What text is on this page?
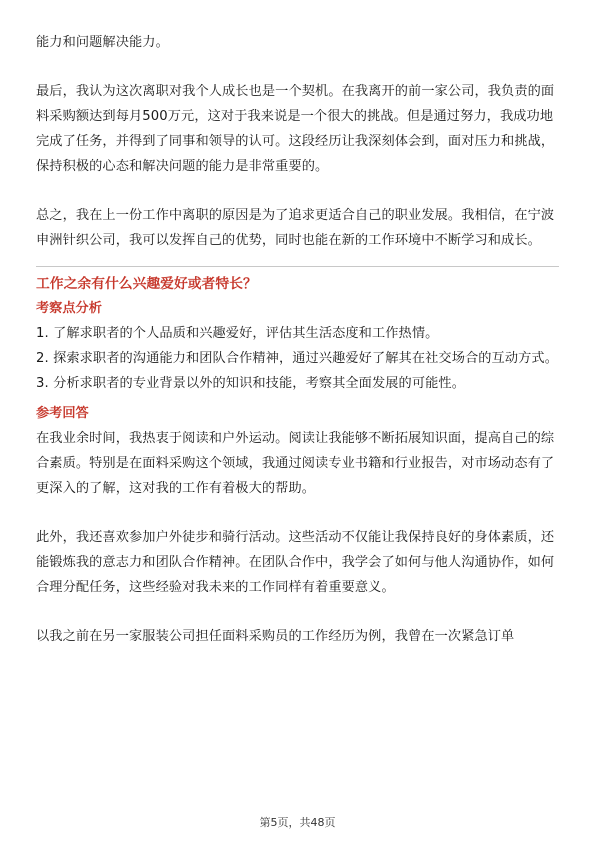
能力和问题解决能力。

最后，我认为这次离职对我个人成长也是一个契机。在我离开的前一家公司，我负责的面料采购额达到每月500万元，这对于我来说是一个很大的挑战。但是通过努力，我成功地完成了任务，并得到了同事和领导的认可。这段经历让我深刻体会到，面对压力和挑战，保持积极的心态和解决问题的能力是非常重要的。

总之，我在上一份工作中离职的原因是为了追求更适合自己的职业发展。我相信，在宁波申洲针织公司，我可以发挥自己的优势，同时也能在新的工作环境中不断学习和成长。

工作之余有什么兴趣爱好或者特长？
考察点分析

1. 了解求职者的个人品质和兴趣爱好，评估其生活态度和工作热情。

2. 探索求职者的沟通能力和团队合作精神，通过兴趣爱好了解其在社交场合的互动方式。

3. 分析求职者的专业背景以外的知识和技能，考察其全面发展的可能性。

参考回答

在我业余时间，我热衷于阅读和户外运动。阅读让我能够不断拓展知识面，提高自己的综合素质。特别是在面料采购这个领域，我通过阅读专业书籍和行业报告，对市场动态有了更深入的了解，这对我的工作有着极大的帮助。

此外，我还喜欢参加户外徒步和骑行活动。这些活动不仅能让我保持良好的身体素质，还能锻炼我的意志力和团队合作精神。在团队合作中，我学会了如何与他人沟通协作，如何合理分配任务，这些经验对我未来的工作同样有着重要意义。

以我之前在另一家服装公司担任面料采购员的工作经历为例，我曾在一次紧急订单

第5页，共48页
